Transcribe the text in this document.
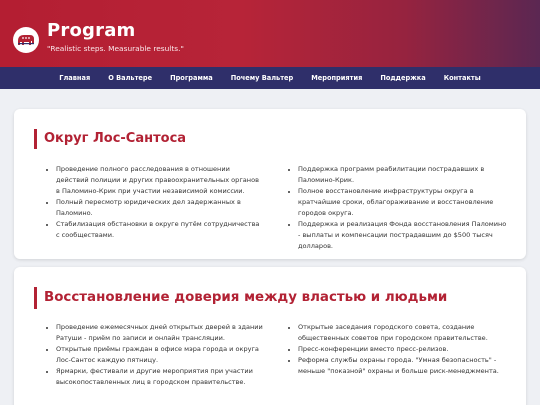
Program
"Realistic steps. Measurable results."
Главная	О Вальтере	Программа	Почему Вальтер	Мероприятия	Поддержка	Контакты
Округ Лос-Сантоса
Проведение полного расследования в отношении действий полиции и других правоохранительных органов в Паломино-Крик при участии независимой комиссии.
Полный пересмотр юридических дел задержанных в Паломино.
Стабилизация обстановки в округе путём сотрудничества с сообществами.
Поддержка программ реабилитации пострадавших в Паломино-Крик.
Полное восстановление инфраструктуры округа в кратчайшие сроки, облагораживание и восстановление городов округа.
Поддержка и реализация Фонда восстановления Паломино - выплаты и компенсации пострадавшим до $500 тысяч долларов.
Восстановление доверия между властью и людьми
Проведение ежемесячных дней открытых дверей в здании Ратуши - приём по записи и онлайн трансляции.
Открытые приёмы граждан в офисе мэра города и округа Лос-Сантос каждую пятницу.
Ярмарки, фестивали и другие мероприятия при участии высокопоставленных лиц в городском правительстве.
Открытые заседания городского совета, создание общественных советов при городском правительстве.
Пресс-конференции вместо пресс-релизов.
Реформа службы охраны города. "Умная безопасность" - меньше "показной" охраны и больше риск-менеджмента.
